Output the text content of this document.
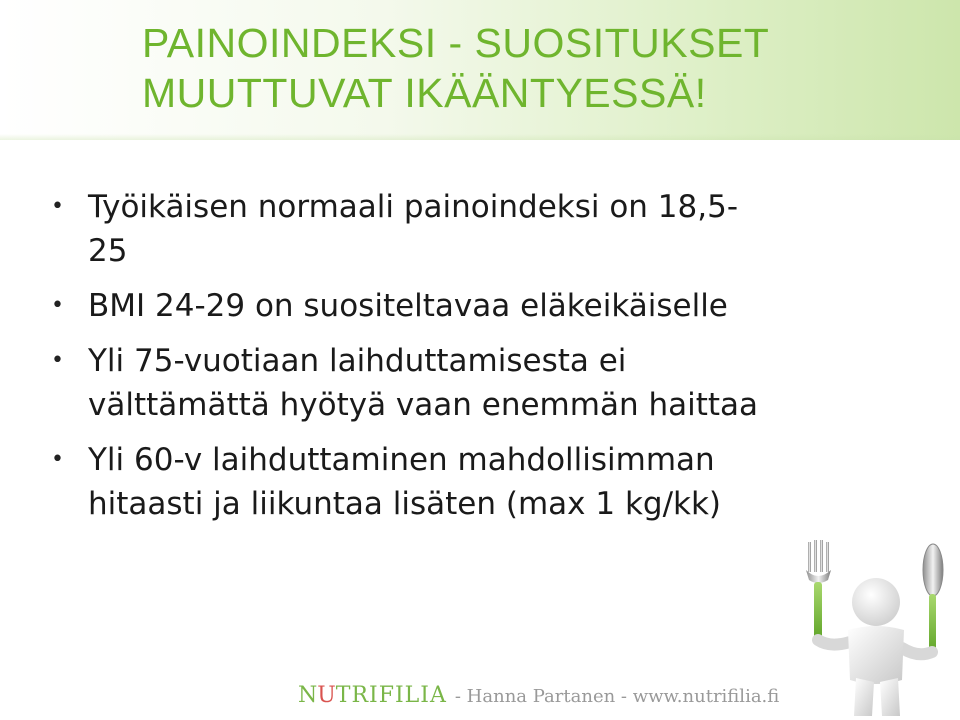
PAINOINDEKSI - SUOSITUKSET
MUUTTUVAT IKÄÄNTYESSÄ!
• Työikäisen normaali painoindeksi on 18,5-
25
• BMI 24-29 on suositeltavaa eläkeikäiselle
• Yli 75-vuotiaan laihduttamisesta ei
välttämättä hyötyä vaan enemmän haittaa
• Yli 60-v laihduttaminen mahdollisimman
hitaasti ja liikuntaa lisäten (max 1 kg/kk)
NUTRIFILIA - Hanna Partanen - www.nutrifilia.fi
